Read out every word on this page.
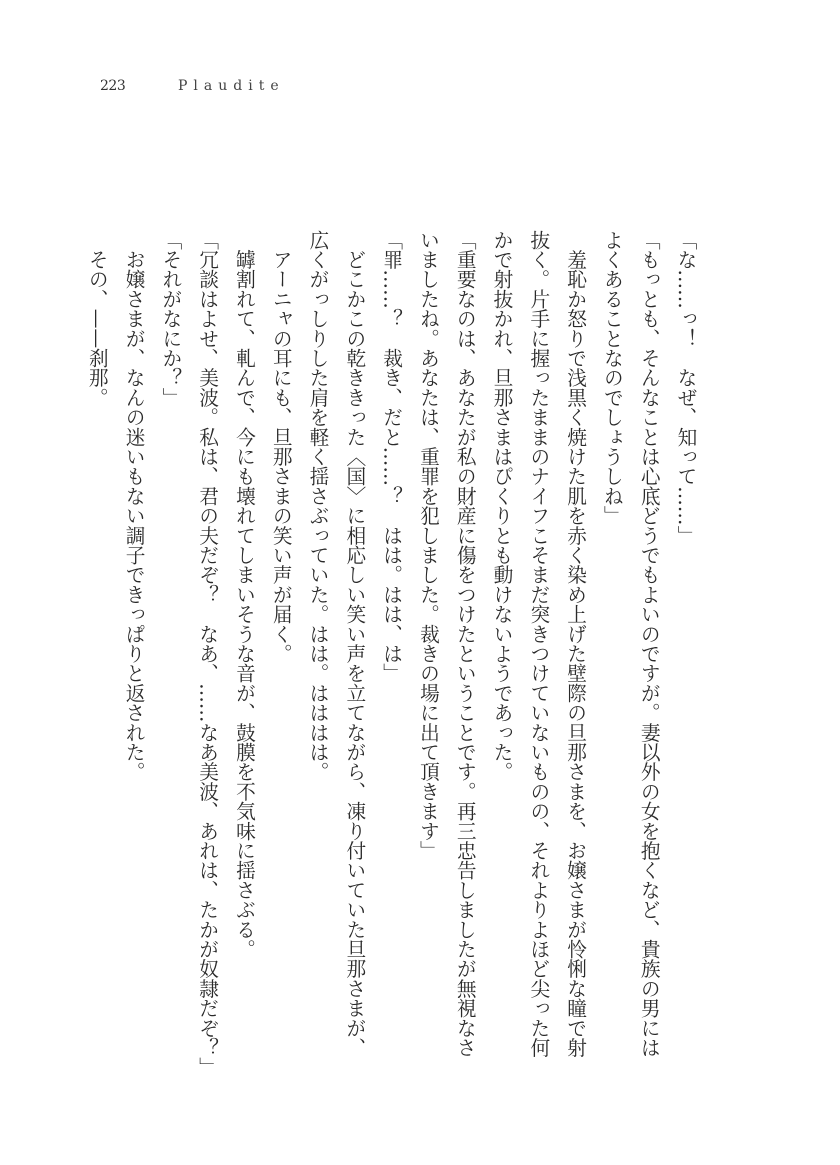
223	Plaudite
「な……っ！　なぜ、知って……」
「もっとも、そんなことは心底どうでもよいのですが。妻以外の女を抱くなど、貴族の男には
よくあることなのでしょうしね」
　羞恥か怒りで浅黒く焼けた肌を赤く染め上げた壁際の旦那さまを、お嬢さまが怜悧な瞳で射
抜く。片手に握ったままのナイフこそまだ突きつけていないものの、それよりよほど尖った何
かで射抜かれ、旦那さまはぴくりとも動けないようであった。
「重要なのは、あなたが私の財産に傷をつけたということです。再三忠告しましたが無視なさ
いましたね。あなたは、重罪を犯しました。裁きの場に出て頂きます」
「罪……？　裁き、だと……？　はは。はは、は」
　どこかこの乾ききった〈国〉に相応しい笑い声を立てながら、凍り付いていた旦那さまが、
広くがっしりした肩を軽く揺さぶっていた。はは。はははは。
　アーニャの耳にも、旦那さまの笑い声が届く。
　罅割れて、軋んで、今にも壊れてしまいそうな音が、鼓膜を不気味に揺さぶる。
「冗談はよせ、美波。私は、君の夫だぞ？　なあ、……なあ美波、あれは、たかが奴隷だぞ？」
「それがなにか？」
　お嬢さまが、なんの迷いもない調子できっぱりと返された。
　その、——刹那。
